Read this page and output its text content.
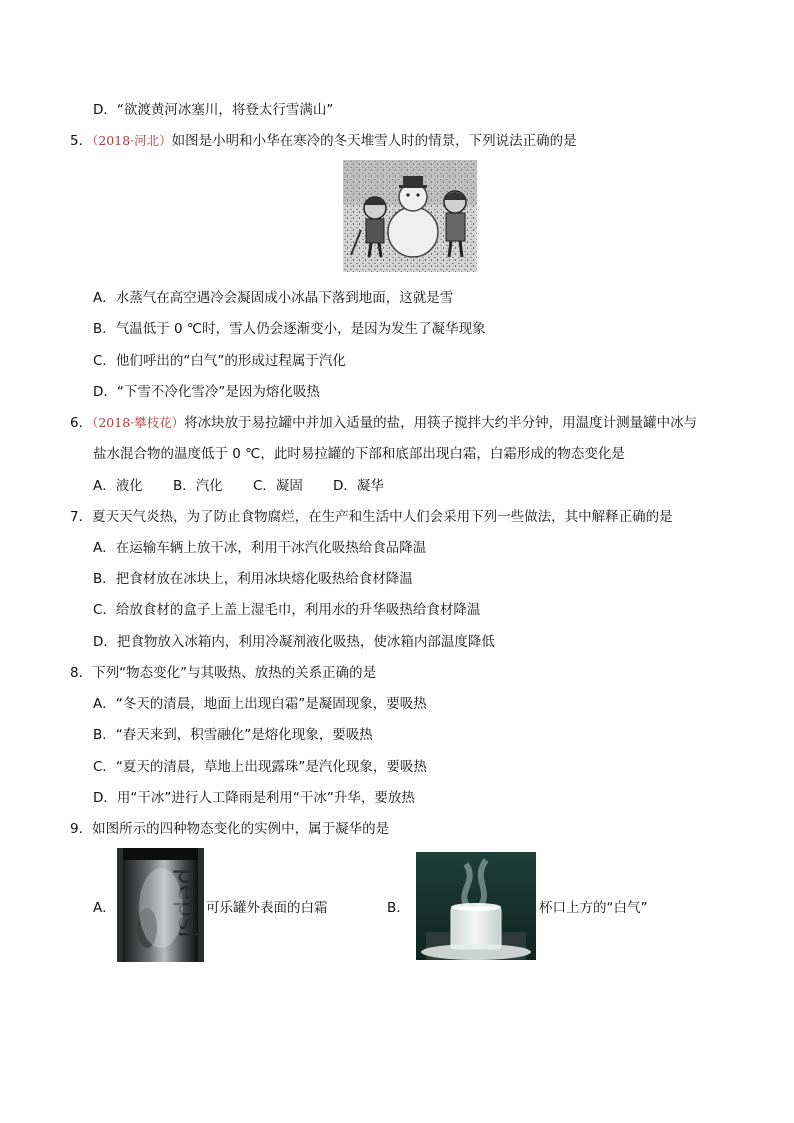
D．“欲渡黄河冰塞川，将登太行雪满山”
5．（2018·河北）如图是小明和小华在寒冷的冬天堆雪人时的情景，下列说法正确的是
A．水蒸气在高空遇冷会凝固成小冰晶下落到地面，这就是雪
B．气温低于 0 ℃时，雪人仍会逐渐变小，是因为发生了凝华现象
C．他们呼出的“白气”的形成过程属于汽化
D．“下雪不冷化雪冷”是因为熔化吸热
6．（2018·攀枝花）将冰块放于易拉罐中并加入适量的盐，用筷子搅拌大约半分钟，用温度计测量罐中冰与
盐水混合物的温度低于 0 ℃，此时易拉罐的下部和底部出现白霜，白霜形成的物态变化是
A．液化 B．汽化 C．凝固 D．凝华
7．夏天天气炎热，为了防止食物腐烂，在生产和生活中人们会采用下列一些做法，其中解释正确的是
A．在运输车辆上放干冰，利用干冰汽化吸热给食品降温
B．把食材放在冰块上，利用冰块熔化吸热给食材降温
C．给放食材的盒子上盖上湿毛巾，利用水的升华吸热给食材降温
D．把食物放入冰箱内，利用冷凝剂液化吸热，使冰箱内部温度降低
8．下列“物态变化”与其吸热、放热的关系正确的是
A．“冬天的清晨，地面上出现白霜”是凝固现象，要吸热
B．“春天来到，积雪融化”是熔化现象，要吸热
C．“夏天的清晨，草地上出现露珠”是汽化现象，要吸热
D．用“干冰”进行人工降雨是利用“干冰”升华，要放热
9．如图所示的四种物态变化的实例中，属于凝华的是
A． pepsi 可乐罐外表面的白霜	B．	杯口上方的“白气”
